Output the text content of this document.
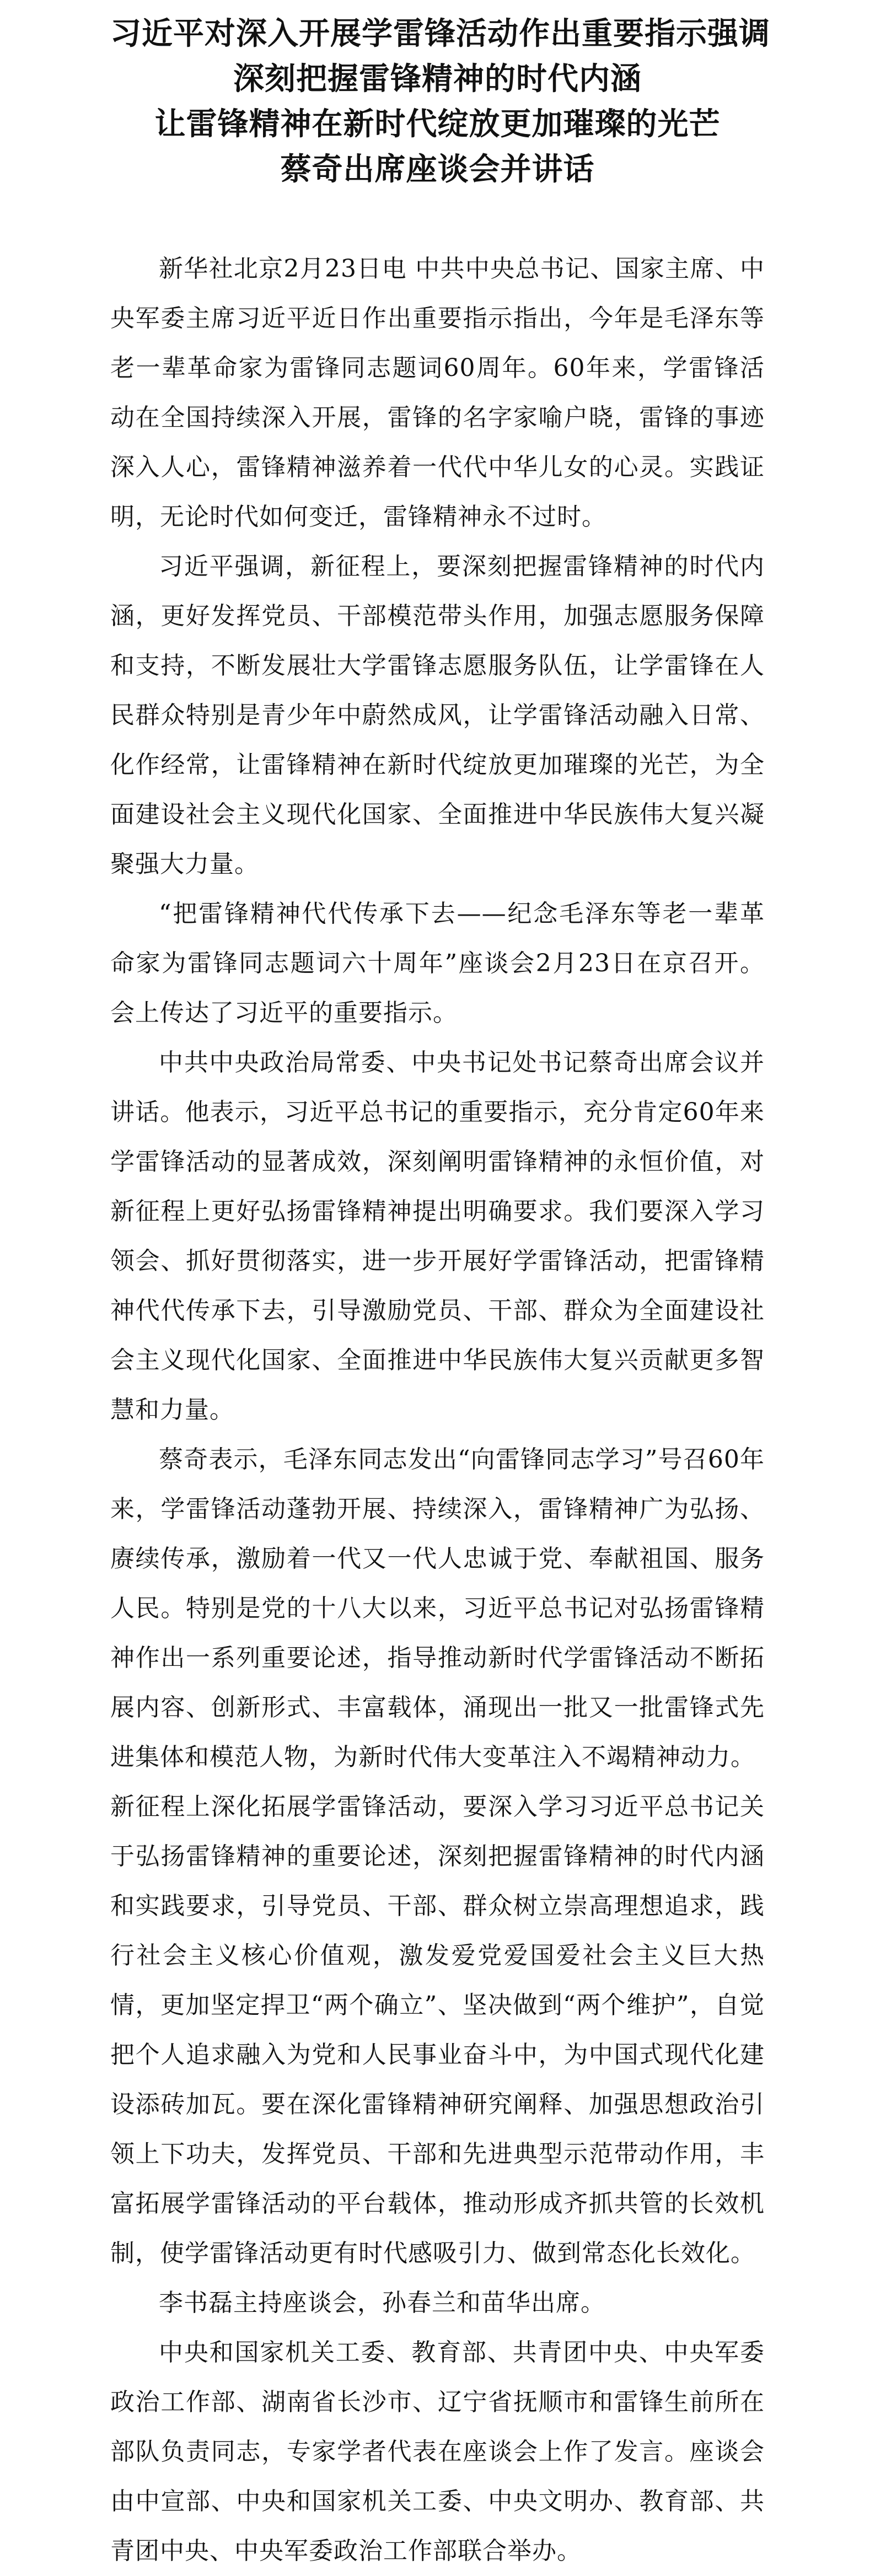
习近平对深入开展学雷锋活动作出重要指示强调
深刻把握雷锋精神的时代内涵
让雷锋精神在新时代绽放更加璀璨的光芒
蔡奇出席座谈会并讲话

新华社北京2月23日电 中共中央总书记、国家主席、中央军委主席习近平近日作出重要指示指出，今年是毛泽东等老一辈革命家为雷锋同志题词60周年。60年来，学雷锋活动在全国持续深入开展，雷锋的名字家喻户晓，雷锋的事迹深入人心，雷锋精神滋养着一代代中华儿女的心灵。实践证明，无论时代如何变迁，雷锋精神永不过时。

习近平强调，新征程上，要深刻把握雷锋精神的时代内涵，更好发挥党员、干部模范带头作用，加强志愿服务保障和支持，不断发展壮大学雷锋志愿服务队伍，让学雷锋在人民群众特别是青少年中蔚然成风，让学雷锋活动融入日常、化作经常，让雷锋精神在新时代绽放更加璀璨的光芒，为全面建设社会主义现代化国家、全面推进中华民族伟大复兴凝聚强大力量。

“把雷锋精神代代传承下去——纪念毛泽东等老一辈革命家为雷锋同志题词六十周年”座谈会2月23日在京召开。会上传达了习近平的重要指示。

中共中央政治局常委、中央书记处书记蔡奇出席会议并讲话。他表示，习近平总书记的重要指示，充分肯定60年来学雷锋活动的显著成效，深刻阐明雷锋精神的永恒价值，对新征程上更好弘扬雷锋精神提出明确要求。我们要深入学习领会、抓好贯彻落实，进一步开展好学雷锋活动，把雷锋精神代代传承下去，引导激励党员、干部、群众为全面建设社会主义现代化国家、全面推进中华民族伟大复兴贡献更多智慧和力量。

蔡奇表示，毛泽东同志发出“向雷锋同志学习”号召60年来，学雷锋活动蓬勃开展、持续深入，雷锋精神广为弘扬、赓续传承，激励着一代又一代人忠诚于党、奉献祖国、服务人民。特别是党的十八大以来，习近平总书记对弘扬雷锋精神作出一系列重要论述，指导推动新时代学雷锋活动不断拓展内容、创新形式、丰富载体，涌现出一批又一批雷锋式先进集体和模范人物，为新时代伟大变革注入不竭精神动力。

新征程上深化拓展学雷锋活动，要深入学习习近平总书记关于弘扬雷锋精神的重要论述，深刻把握雷锋精神的时代内涵和实践要求，引导党员、干部、群众树立崇高理想追求，践行社会主义核心价值观，激发爱党爱国爱社会主义巨大热情，更加坚定捍卫“两个确立”、坚决做到“两个维护”，自觉把个人追求融入为党和人民事业奋斗中，为中国式现代化建设添砖加瓦。要在深化雷锋精神研究阐释、加强思想政治引领上下功夫，发挥党员、干部和先进典型示范带动作用，丰富拓展学雷锋活动的平台载体，推动形成齐抓共管的长效机制，使学雷锋活动更有时代感吸引力、做到常态化长效化。

李书磊主持座谈会，孙春兰和苗华出席。

中央和国家机关工委、教育部、共青团中央、中央军委政治工作部、湖南省长沙市、辽宁省抚顺市和雷锋生前所在部队负责同志，专家学者代表在座谈会上作了发言。座谈会由中宣部、中央和国家机关工委、中央文明办、教育部、共青团中央、中央军委政治工作部联合举办。
